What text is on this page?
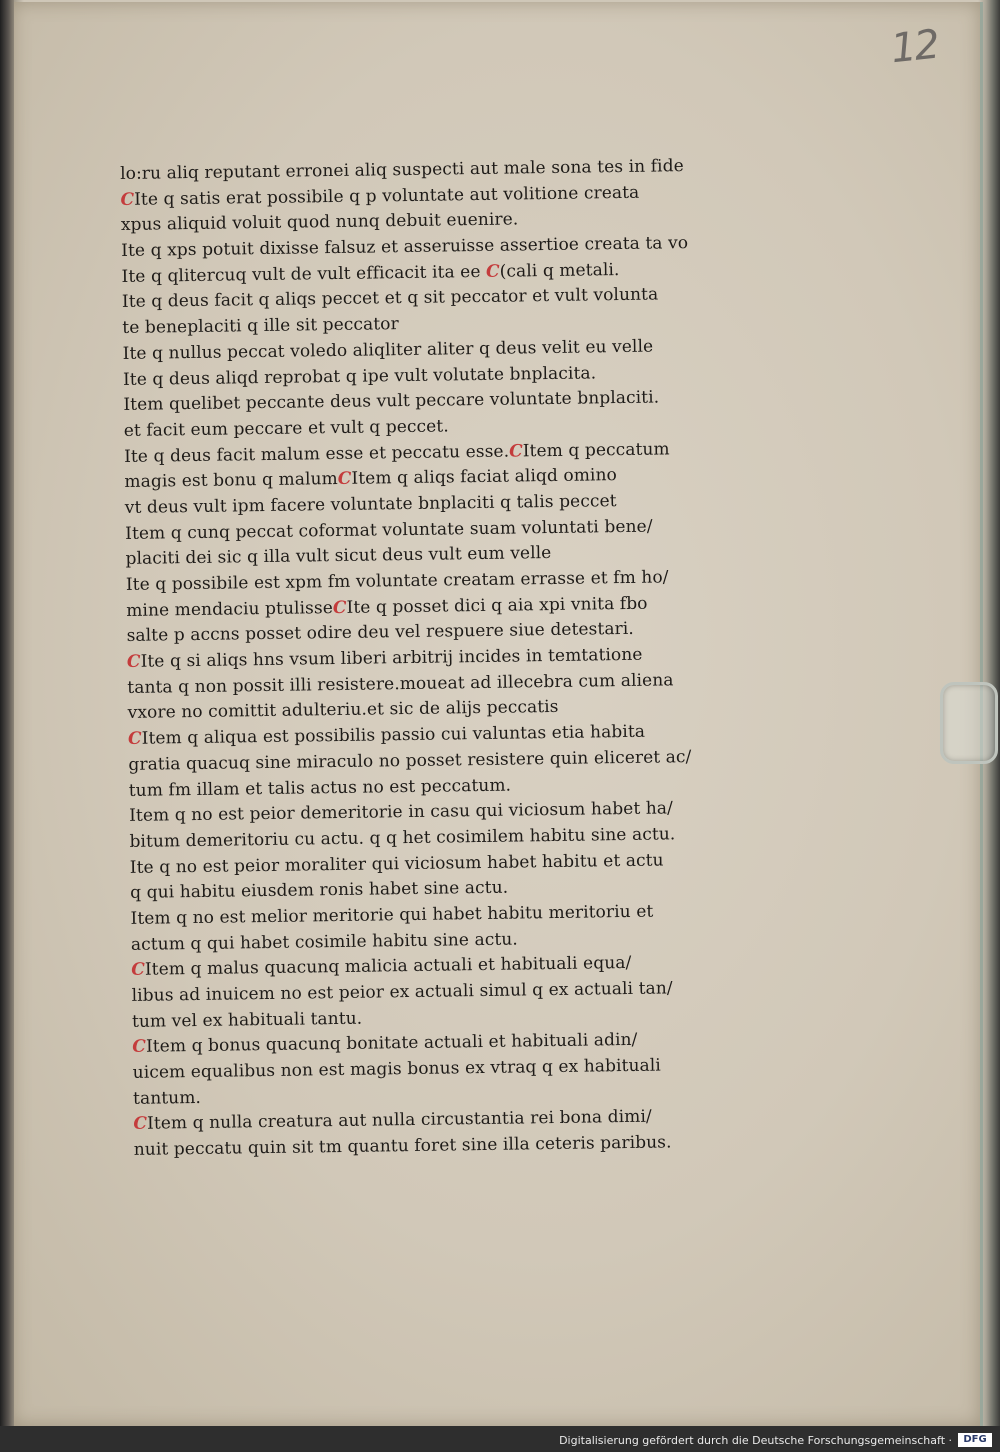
12
lo:ru aliq reputant erronei aliq suspecti aut male sona tes in fide
CIte q satis erat possibile q p voluntate aut volitione creata
xpus aliquid voluit quod nunq debuit euenire.
Ite q xps potuit dixisse falsuz et asseruisse assertioe creata ta vo
Ite q qlitercuq vult de vult efficacit ita ee C(cali q metali.
Ite q deus facit q aliqs peccet et q sit peccator et vult volunta
te beneplaciti q ille sit peccator
Ite q nullus peccat voledo aliqliter aliter q deus velit eu velle
Ite q deus aliqd reprobat q ipe vult volutate bnplacita.
Item quelibet peccante deus vult peccare voluntate bnplaciti.
et facit eum peccare et vult q peccet.
Ite q deus facit malum esse et peccatu esse.CItem q peccatum
magis est bonu q malumCItem q aliqs faciat aliqd omino
vt deus vult ipm facere voluntate bnplaciti q talis peccet
Item q cunq peccat coformat voluntate suam voluntati bene/
placiti dei sic q illa vult sicut deus vult eum velle
Ite q possibile est xpm fm voluntate creatam errasse et fm ho/
mine mendaciu ptulisseCIte q posset dici q aia xpi vnita fbo
salte p accns posset odire deu vel respuere siue detestari.
CIte q si aliqs hns vsum liberi arbitrij incides in temtatione
tanta q non possit illi resistere.moueat ad illecebra cum aliena
vxore no comittit adulteriu.et sic de alijs peccatis
CItem q aliqua est possibilis passio cui valuntas etia habita
gratia quacuq sine miraculo no posset resistere quin eliceret ac/
tum fm illam et talis actus no est peccatum.
Item q no est peior demeritorie in casu qui viciosum habet ha/
bitum demeritoriu cu actu. q q het cosimilem habitu sine actu.
Ite q no est peior moraliter qui viciosum habet habitu et actu
q qui habitu eiusdem ronis habet sine actu.
Item q no est melior meritorie qui habet habitu meritoriu et
actum q qui habet cosimile habitu sine actu.
CItem q malus quacunq malicia actuali et habituali equa/
libus ad inuicem no est peior ex actuali simul q ex actuali tan/
tum vel ex habituali tantu.
CItem q bonus quacunq bonitate actuali et habituali adin/
uicem equalibus non est magis bonus ex vtraq q ex habituali
tantum.
CItem q nulla creatura aut nulla circustantia rei bona dimi/
nuit peccatu quin sit tm quantu foret sine illa ceteris paribus.
Digitalisierung gefördert durch die Deutsche Forschungsgemeinschaft ·	DFG
